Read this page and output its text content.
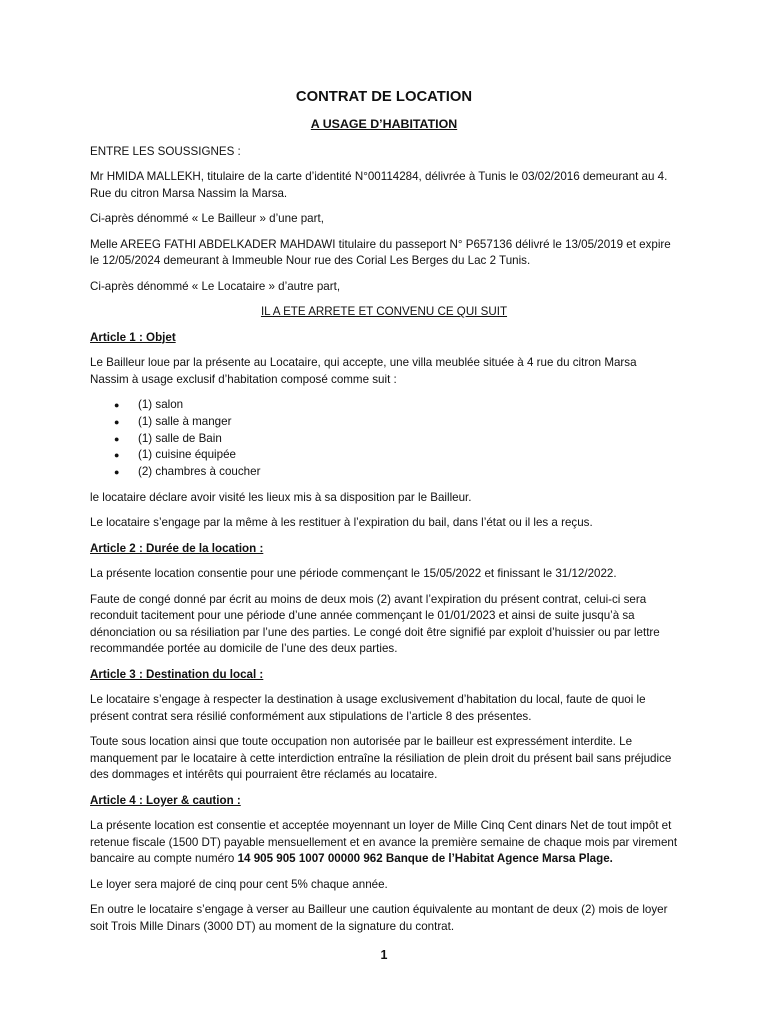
CONTRAT DE LOCATION
A USAGE D’HABITATION

ENTRE LES SOUSSIGNES :

Mr HMIDA MALLEKH, titulaire de la carte d’identité N°00114284, délivrée à Tunis le 03/02/2016 demeurant au 4. Rue du citron Marsa Nassim la Marsa.

Ci-après dénommé « Le Bailleur » d’une part,

Melle AREEG FATHI ABDELKADER MAHDAWI titulaire du passeport N° P657136 délivré le 13/05/2019 et expire le 12/05/2024 demeurant à Immeuble Nour rue des Corial Les Berges du Lac 2 Tunis.

Ci-après dénommé « Le Locataire » d’autre part,

IL A ETE ARRETE ET CONVENU CE QUI SUIT

Article 1 : Objet

Le Bailleur loue par la présente au Locataire, qui accepte, une villa meublée située à 4 rue du citron Marsa Nassim à usage exclusif d’habitation composé comme suit :

● (1) salon
● (1) salle à manger
● (1) salle de Bain
● (1) cuisine équipée
● (2) chambres à coucher

le locataire déclare avoir visité les lieux mis à sa disposition par le Bailleur.

Le locataire s’engage par la même à les restituer à l’expiration du bail, dans l’état ou il les a reçus.

Article 2 : Durée de la location :

La présente location consentie pour une période commençant le 15/05/2022 et finissant le 31/12/2022.

Faute de congé donné par écrit au moins de deux mois (2) avant l’expiration du présent contrat, celui-ci sera reconduit tacitement pour une période d’une année commençant le 01/01/2023 et ainsi de suite jusqu’à sa dénonciation ou sa résiliation par l’une des parties. Le congé doit être signifié par exploit d’huissier ou par lettre recommandée portée au domicile de l’une des deux parties.

Article 3 : Destination du local :

Le locataire s’engage à respecter la destination à usage exclusivement d’habitation du local, faute de quoi le présent contrat sera résilié conformément aux stipulations de l’article 8 des présentes.

Toute sous location ainsi que toute occupation non autorisée par le bailleur est expressément interdite. Le manquement par le locataire à cette interdiction entraîne la résiliation de plein droit du présent bail sans préjudice des dommages et intérêts qui pourraient être réclamés au locataire.

Article 4 : Loyer & caution :

La présente location est consentie et acceptée moyennant un loyer de Mille Cinq Cent dinars Net de tout impôt et retenue fiscale (1500 DT) payable mensuellement et en avance la première semaine de chaque mois par virement bancaire au compte numéro 14 905 905 1007 00000 962 Banque de l’Habitat Agence Marsa Plage.

Le loyer sera majoré de cinq pour cent 5% chaque année.

En outre le locataire s’engage à verser au Bailleur une caution équivalente au montant de deux (2) mois de loyer soit Trois Mille Dinars (3000 DT) au moment de la signature du contrat.

1
